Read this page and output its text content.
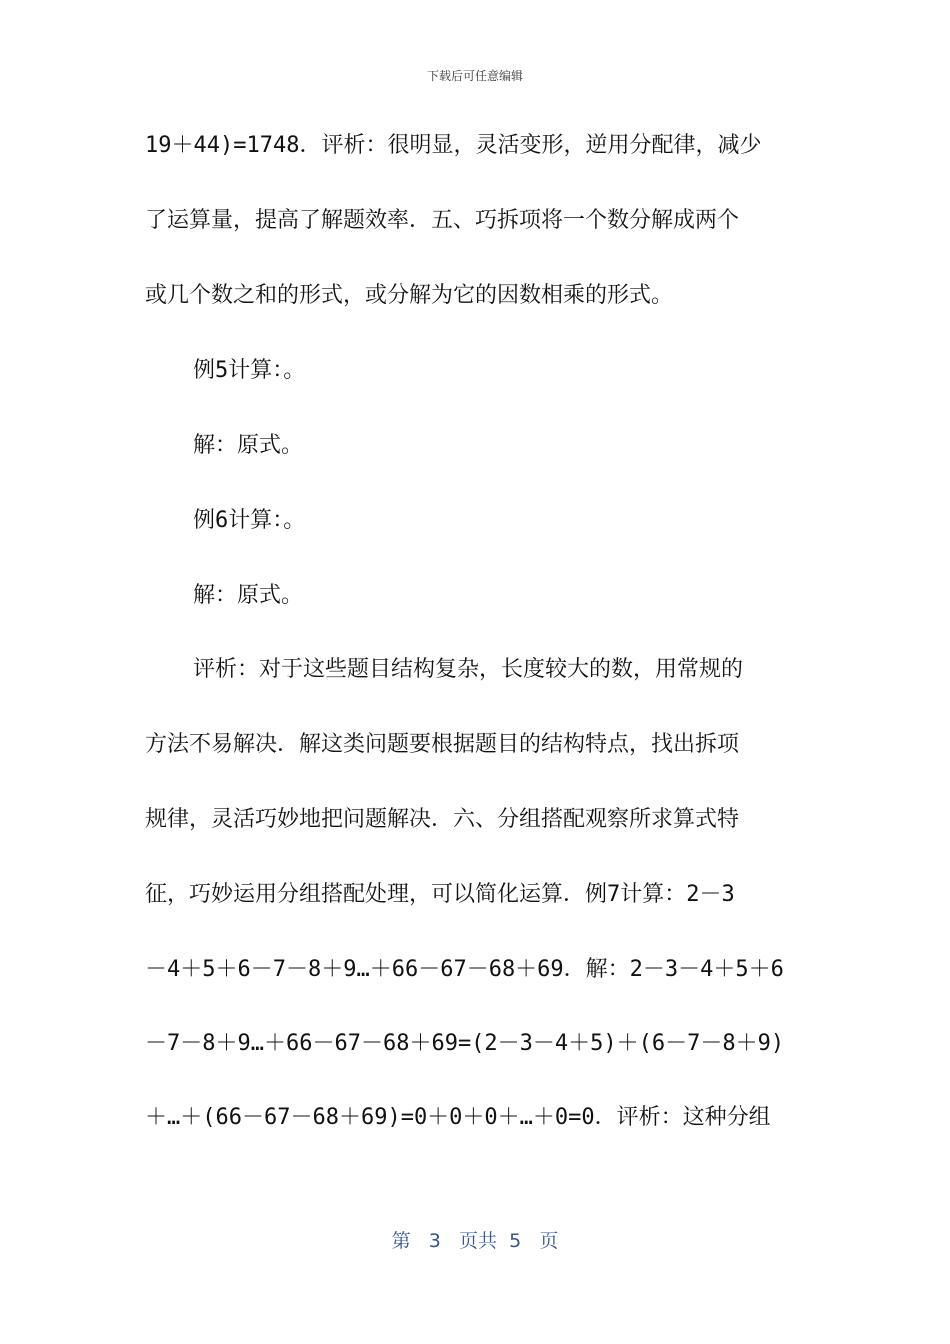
下载后可任意编辑
19＋44)=1748．评析：很明显，灵活变形，逆用分配律，减少
了运算量，提高了解题效率．五、巧拆项将一个数分解成两个
或几个数之和的形式，或分解为它的因数相乘的形式。
例5计算：。
解：原式。
例6计算：。
解：原式。
评析：对于这些题目结构复杂，长度较大的数，用常规的
方法不易解决．解这类问题要根据题目的结构特点，找出拆项
规律，灵活巧妙地把问题解决．六、分组搭配观察所求算式特
征，巧妙运用分组搭配处理，可以简化运算．例7计算：2－3
－4＋5＋6－7－8＋9…＋66－67－68＋69．解：2－3－4＋5＋6
－7－8＋9…＋66－67－68＋69=(2－3－4＋5)＋(6－7－8＋9)
＋…＋(66－67－68＋69)=0＋0＋0＋…＋0=0．评析：这种分组
第 3 页共 5 页
